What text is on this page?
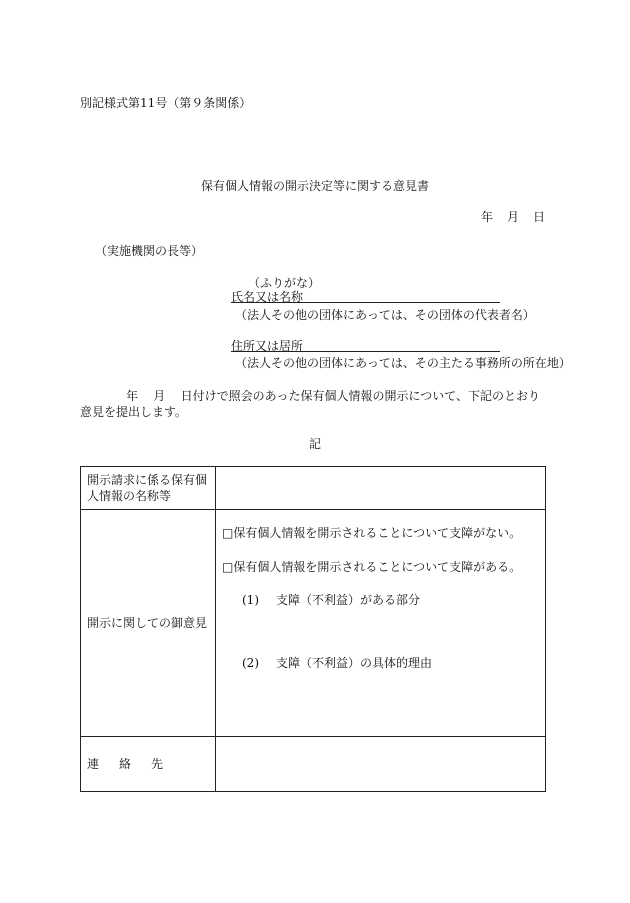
別記様式第11号（第９条関係）
保有個人情報の開示決定等に関する意見書
年 月 日
（実施機関の長等）
（ふりがな）
氏名又は名称
（法人その他の団体にあっては、その団体の代表者名）
住所又は居所
（法人その他の団体にあっては、その主たる事務所の所在地）
年 月 日付けで照会のあった保有個人情報の開示について、下記のとおり意見を提出します。
記
開示請求に係る保有個人情報の名称等	

開示に関しての御意見	□保有個人情報を開示されることについて支障がない。
□保有個人情報を開示されることについて支障がある。
(1) 支障（不利益）がある部分
(2) 支障（不利益）の具体的理由

連 絡 先	
